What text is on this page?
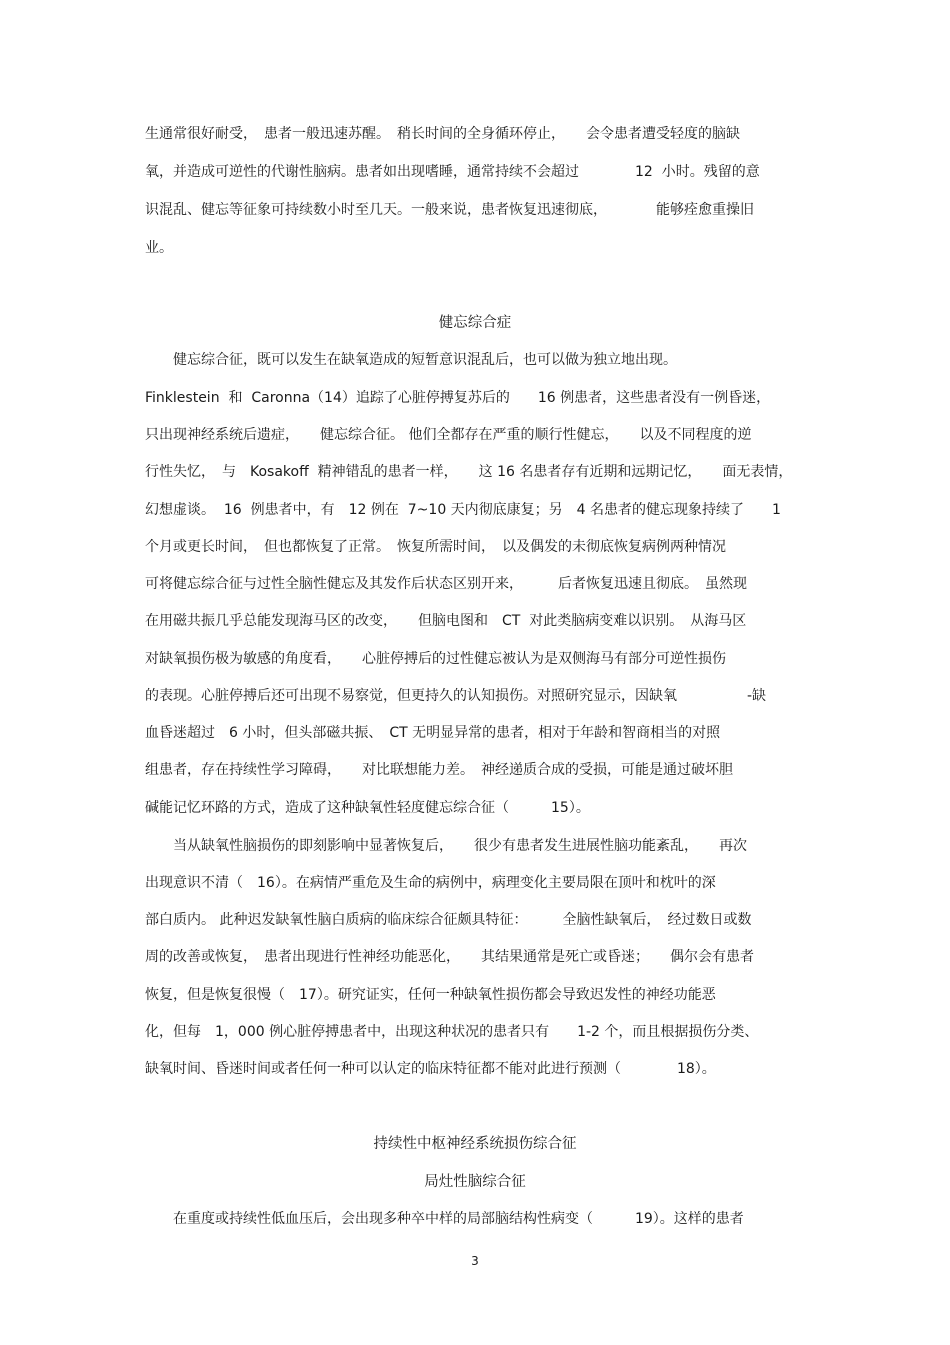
生通常很好耐受，　患者一般迅速苏醒。　稍长时间的全身循环停止，　　会令患者遭受轻度的脑缺
氧，并造成可逆性的代谢性脑病。患者如出现嗜睡，通常持续不会超过　　　　12  小时。残留的意
识混乱、健忘等征象可持续数小时至几天。一般来说，患者恢复迅速彻底，　　　　能够痊愈重操旧
业。
健忘综合症
　　健忘综合征，既可以发生在缺氧造成的短暂意识混乱后，也可以做为独立地出现。
Finklestein  和  Caronna（14）追踪了心脏停搏复苏后的　　16 例患者，这些患者没有一例昏迷，
只出现神经系统后遗症，　　健忘综合征。 他们全都存在严重的顺行性健忘，　　以及不同程度的逆
行性失忆，　与　Kosakoff  精神错乱的患者一样，　　这 16 名患者存有近期和远期记忆，　　面无表情，
幻想虚谈。  16  例患者中，有　12 例在  7~10 天内彻底康复；另　4 名患者的健忘现象持续了　　1
个月或更长时间，　但也都恢复了正常。　恢复所需时间，　以及偶发的未彻底恢复病例两种情况
可将健忘综合征与过性全脑性健忘及其发作后状态区别开来，　　　后者恢复迅速且彻底。　虽然现
在用磁共振几乎总能发现海马区的改变，　　但脑电图和　CT  对此类脑病变难以识别。　从海马区
对缺氧损伤极为敏感的角度看，　　心脏停搏后的过性健忘被认为是双侧海马有部分可逆性损伤
的表现。心脏停搏后还可出现不易察觉，但更持久的认知损伤。对照研究显示，因缺氧　　　　　-缺
血昏迷超过　6 小时，但头部磁共振、　CT 无明显异常的患者，相对于年龄和智商相当的对照
组患者，存在持续性学习障碍，　　对比联想能力差。　神经递质合成的受损，可能是通过破坏胆
碱能记忆环路的方式，造成了这种缺氧性轻度健忘综合征（　　　15）。
　　当从缺氧性脑损伤的即刻影响中显著恢复后，　　很少有患者发生进展性脑功能紊乱，　　再次
出现意识不清（　16）。在病情严重危及生命的病例中，病理变化主要局限在顶叶和枕叶的深
部白质内。 此种迟发缺氧性脑白质病的临床综合征颇具特征：　　　全脑性缺氧后，　经过数日或数
周的改善或恢复，　患者出现进行性神经功能恶化，　　其结果通常是死亡或昏迷；　　偶尔会有患者
恢复，但是恢复很慢（　17）。研究证实，任何一种缺氧性损伤都会导致迟发性的神经功能恶
化，但每　1，000 例心脏停搏患者中，出现这种状况的患者只有　　1-2 个，而且根据损伤分类、
缺氧时间、昏迷时间或者任何一种可以认定的临床特征都不能对此进行预测（　　　　18）。
持续性中枢神经系统损伤综合征
局灶性脑综合征
　　在重度或持续性低血压后，会出现多种卒中样的局部脑结构性病变（　　　19）。这样的患者
3
